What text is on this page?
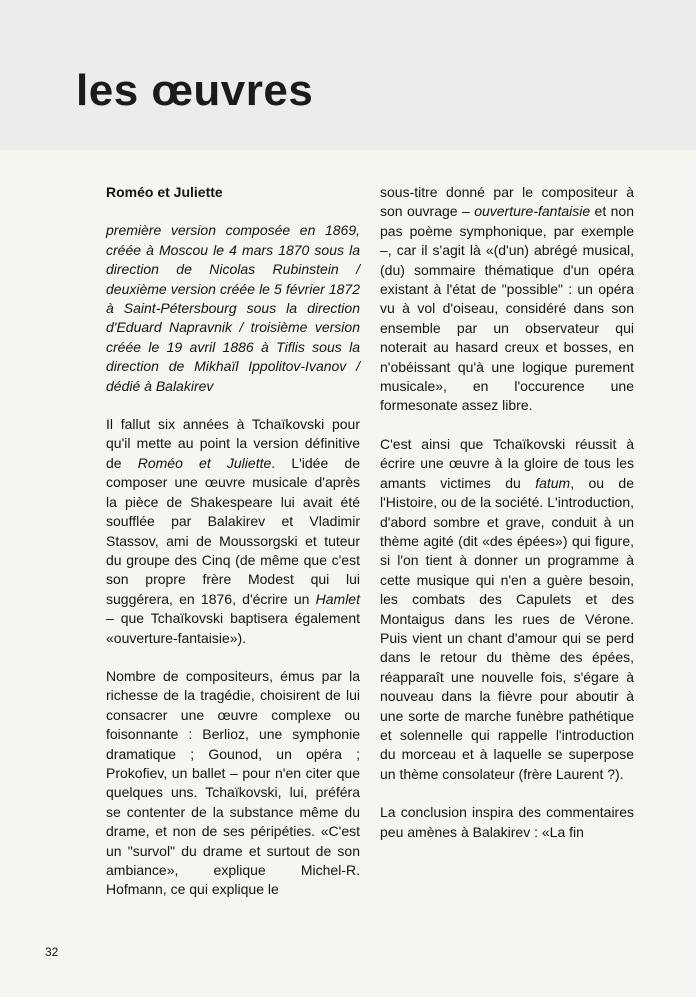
les œuvres

Roméo et Juliette

première version composée en 1869, créée à Moscou le 4 mars 1870 sous la direction de Nicolas Rubinstein / deuxième version créée le 5 février 1872 à Saint-Pétersbourg sous la direction d'Eduard Napravnik / troisième version créée le 19 avril 1886 à Tiflis sous la direction de Mikhaïl Ippolitov-Ivanov / dédié à Balakirev

Il fallut six années à Tchaïkovski pour qu'il mette au point la version définitive de Roméo et Juliette. L'idée de composer une œuvre musicale d'après la pièce de Shakespeare lui avait été soufflée par Balakirev et Vladimir Stassov, ami de Moussorgski et tuteur du groupe des Cinq (de même que c'est son propre frère Modest qui lui suggérera, en 1876, d'écrire un Hamlet – que Tchaïkovski baptisera également «ouverture-fantaisie»).

Nombre de compositeurs, émus par la richesse de la tragédie, choisirent de lui consacrer une œuvre complexe ou foisonnante : Berlioz, une symphonie dramatique ; Gounod, un opéra ; Prokofiev, un ballet – pour n'en citer que quelques uns. Tchaïkovski, lui, préféra se contenter de la substance même du drame, et non de ses péripéties. «C'est un "survol" du drame et surtout de son ambiance», explique Michel-R. Hofmann, ce qui explique le

sous-titre donné par le compositeur à son ouvrage – ouverture-fantaisie et non pas poème symphonique, par exemple –, car il s'agit là «(d'un) abrégé musical, (du) sommaire thématique d'un opéra existant à l'état de "possible" : un opéra vu à vol d'oiseau, considéré dans son ensemble par un observateur qui noterait au hasard creux et bosses, en n'obéissant qu'à une logique purement musicale», en l'occurence une formesonate assez libre.

C'est ainsi que Tchaïkovski réussit à écrire une œuvre à la gloire de tous les amants victimes du fatum, ou de l'Histoire, ou de la société. L'introduction, d'abord sombre et grave, conduit à un thème agité (dit «des épées») qui figure, si l'on tient à donner un programme à cette musique qui n'en a guère besoin, les combats des Capulets et des Montaigus dans les rues de Vérone. Puis vient un chant d'amour qui se perd dans le retour du thème des épées, réapparaît une nouvelle fois, s'égare à nouveau dans la fièvre pour aboutir à une sorte de marche funèbre pathétique et solennelle qui rappelle l'introduction du morceau et à laquelle se superpose un thème consolateur (frère Laurent ?).

La conclusion inspira des commentaires peu amènes à Balakirev : «La fin

32
